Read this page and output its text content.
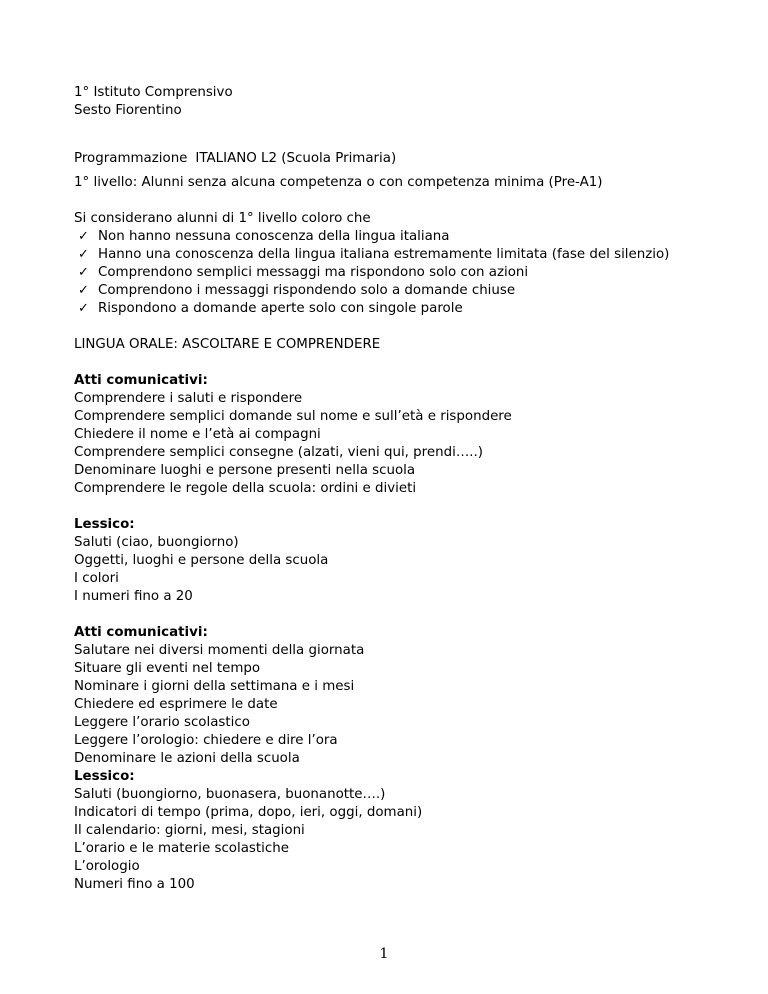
1° Istituto Comprensivo
Sesto Fiorentino
Programmazione ITALIANO L2 (Scuola Primaria)
1° livello: Alunni senza alcuna competenza o con competenza minima (Pre-A1)
Si considerano alunni di 1° livello coloro che
✓ Non hanno nessuna conoscenza della lingua italiana
✓ Hanno una conoscenza della lingua italiana estremamente limitata (fase del silenzio)
✓ Comprendono semplici messaggi ma rispondono solo con azioni
✓ Comprendono i messaggi rispondendo solo a domande chiuse
✓ Rispondono a domande aperte solo con singole parole
LINGUA ORALE: ASCOLTARE E COMPRENDERE
Atti comunicativi:
Comprendere i saluti e rispondere
Comprendere semplici domande sul nome e sull’età e rispondere
Chiedere il nome e l’età ai compagni
Comprendere semplici consegne (alzati, vieni qui, prendi…..)
Denominare luoghi e persone presenti nella scuola
Comprendere le regole della scuola: ordini e divieti
Lessico:
Saluti (ciao, buongiorno)
Oggetti, luoghi e persone della scuola
I colori
I numeri fino a 20
Atti comunicativi:
Salutare nei diversi momenti della giornata
Situare gli eventi nel tempo
Nominare i giorni della settimana e i mesi
Chiedere ed esprimere le date
Leggere l’orario scolastico
Leggere l’orologio: chiedere e dire l’ora
Denominare le azioni della scuola
Lessico:
Saluti (buongiorno, buonasera, buonanotte….)
Indicatori di tempo (prima, dopo, ieri, oggi, domani)
Il calendario: giorni, mesi, stagioni
L’orario e le materie scolastiche
L’orologio
Numeri fino a 100
1
